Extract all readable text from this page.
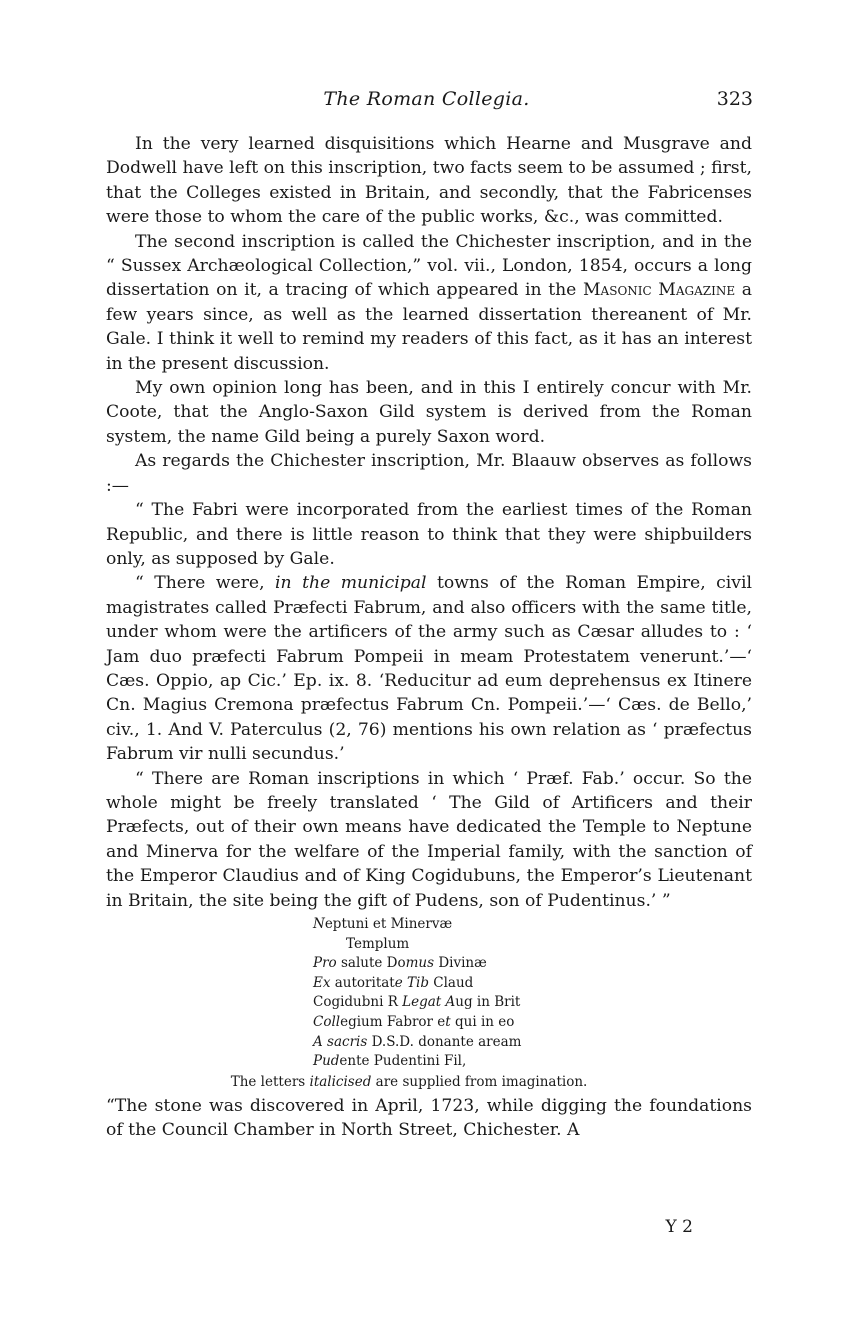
The Roman Collegia.	323

In the very learned disquisitions which Hearne and Musgrave and Dodwell have left on this inscription, two facts seem to be assumed ; first, that the Colleges existed in Britain, and secondly, that the Fabricenses were those to whom the care of the public works, &c., was committed.

The second inscription is called the Chichester inscription, and in the “ Sussex Archæological Collection,” vol. vii., London, 1854, occurs a long dissertation on it, a tracing of which appeared in the Masonic Magazine a few years since, as well as the learned dissertation thereanent of Mr. Gale. I think it well to remind my readers of this fact, as it has an interest in the present discussion.

My own opinion long has been, and in this I entirely concur with Mr. Coote, that the Anglo-Saxon Gild system is derived from the Roman system, the name Gild being a purely Saxon word.

As regards the Chichester inscription, Mr. Blaauw observes as follows :—

“ The Fabri were incorporated from the earliest times of the Roman Republic, and there is little reason to think that they were shipbuilders only, as supposed by Gale.

“ There were, in the municipal towns of the Roman Empire, civil magistrates called Præfecti Fabrum, and also officers with the same title, under whom were the artificers of the army such as Cæsar alludes to : ‘ Jam duo præfecti Fabrum Pompeii in meam Protestatem venerunt.’—‘ Cæs. Oppio, ap Cic.’ Ep. ix. 8. ‘Reducitur ad eum deprehensus ex Itinere Cn. Magius Cremona præfectus Fabrum Cn. Pompeii.’—‘ Cæs. de Bello,’ civ., 1. And V. Paterculus (2, 76) mentions his own relation as ‘ præfectus Fabrum vir nulli secundus.’

“ There are Roman inscriptions in which ‘ Præf. Fab.’ occur. So the whole might be freely translated ‘ The Gild of Artificers and their Præfects, out of their own means have dedicated the Temple to Neptune and Minerva for the welfare of the Imperial family, with the sanction of the Emperor Claudius and of King Cogidubuns, the Emperor’s Lieutenant in Britain, the site being the gift of Pudens, son of Pudentinus.’ ”

Neptuni et Minervæ
Templum
Pro salute Domus Divinæ
Ex autoritate Tib Claud
Cogidubni R Legat Aug in Brit
Collegium Fabror et qui in eo
A sacris D.S.D. donante aream
Pudente Pudentini Fil,
The letters italicised are supplied from imagination.

“The stone was discovered in April, 1723, while digging the foundations of the Council Chamber in North Street, Chichester. A

Y 2
